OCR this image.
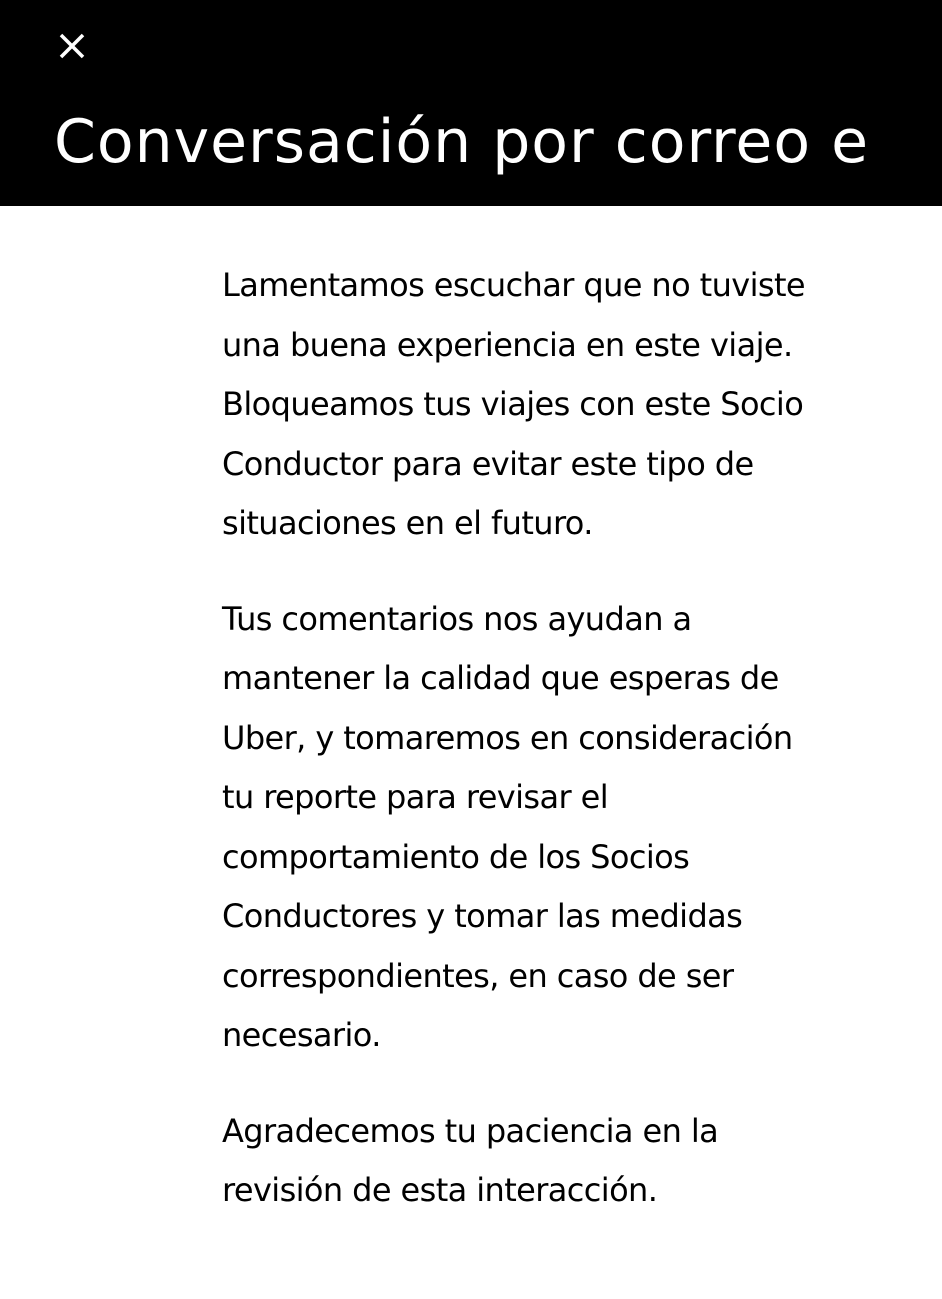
Conversación por correo e

Lamentamos escuchar que no tuviste
una buena experiencia en este viaje.
Bloqueamos tus viajes con este Socio
Conductor para evitar este tipo de
situaciones en el futuro.

Tus comentarios nos ayudan a
mantener la calidad que esperas de
Uber, y tomaremos en consideración
tu reporte para revisar el
comportamiento de los Socios
Conductores y tomar las medidas
correspondientes, en caso de ser
necesario.

Agradecemos tu paciencia en la
revisión de esta interacción.
